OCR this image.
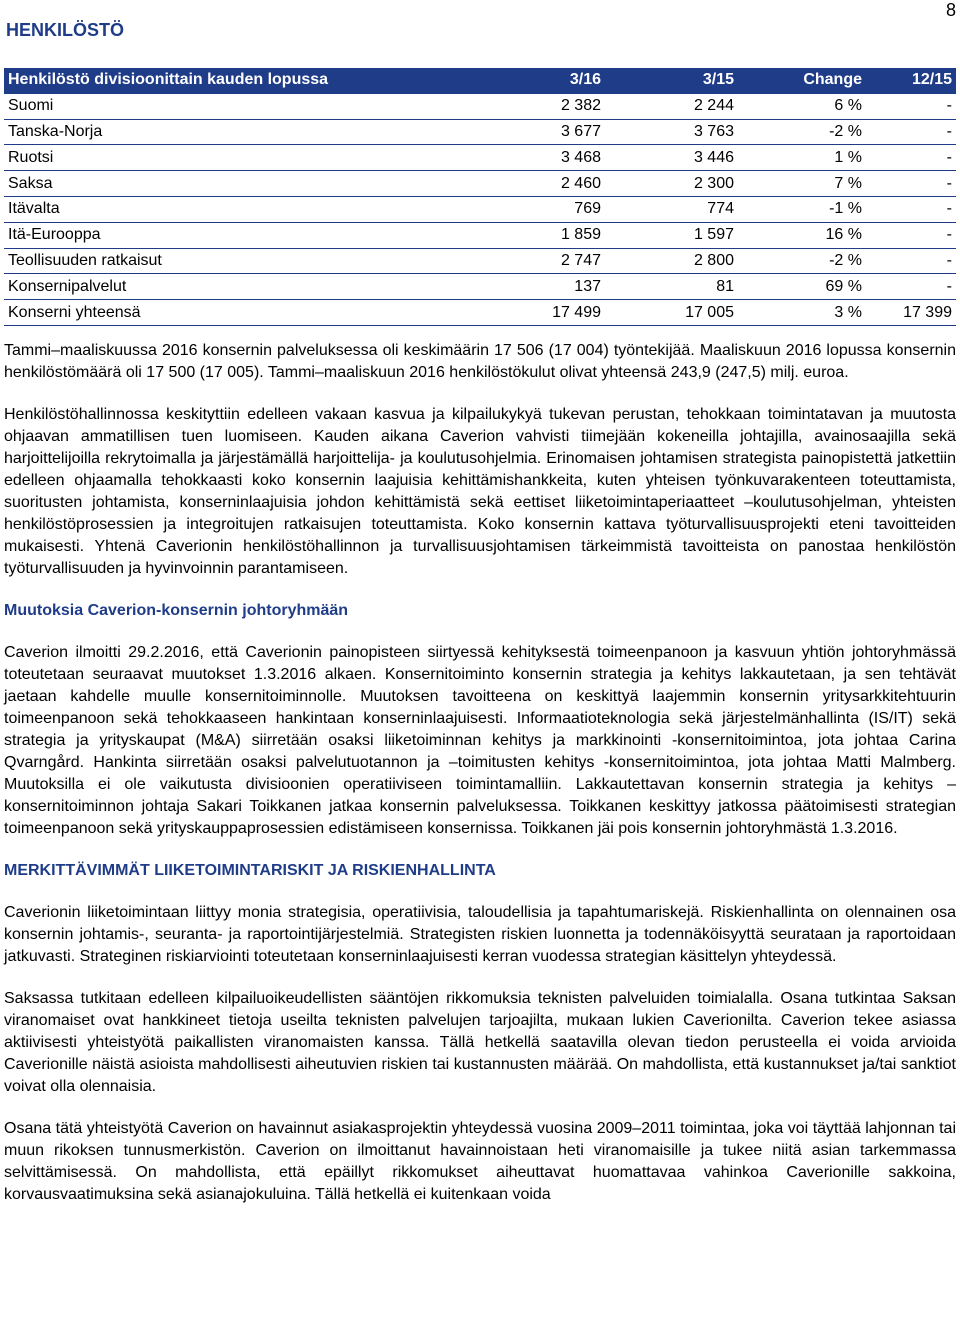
HENKILÖSTÖ
8
Henkilöstö divisioonittain kauden lopussa	3/16	3/15	Change	12/15
Suomi	2 382	2 244	6 %	-
Tanska-Norja	3 677	3 763	-2 %	-
Ruotsi	3 468	3 446	1 %	-
Saksa	2 460	2 300	7 %	-
Itävalta	769	774	-1 %	-
Itä-Eurooppa	1 859	1 597	16 %	-
Teollisuuden ratkaisut	2 747	2 800	-2 %	-
Konsernipalvelut	137	81	69 %	-
Konserni yhteensä	17 499	17 005	3 %	17 399

Tammi–maaliskuussa 2016 konsernin palveluksessa oli keskimäärin 17 506 (17 004) työntekijää. Maaliskuun 2016 lopussa konsernin henkilöstömäärä oli 17 500 (17 005). Tammi–maaliskuun 2016 henkilöstökulut olivat yhteensä 243,9 (247,5) milj. euroa.

Henkilöstöhallinnossa keskityttiin edelleen vakaan kasvua ja kilpailukykyä tukevan perustan, tehokkaan toimintatavan ja muutosta ohjaavan ammatillisen tuen luomiseen. Kauden aikana Caverion vahvisti tiimejään kokeneilla johtajilla, avainosaajilla sekä harjoittelijoilla rekrytoimalla ja järjestämällä harjoittelija- ja koulutusohjelmia. Erinomaisen johtamisen strategista painopistettä jatkettiin edelleen ohjaamalla tehokkaasti koko konsernin laajuisia kehittämishankkeita, kuten yhteisen työnkuvarakenteen toteuttamista, suoritusten johtamista, konserninlaajuisia johdon kehittämistä sekä eettiset liiketoimintaperiaatteet –koulutusohjelman, yhteisten henkilöstöprosessien ja integroitujen ratkaisujen toteuttamista. Koko konsernin kattava työturvallisuusprojekti eteni tavoitteiden mukaisesti. Yhtenä Caverionin henkilöstöhallinnon ja turvallisuusjohtamisen tärkeimmistä tavoitteista on panostaa henkilöstön työturvallisuuden ja hyvinvoinnin parantamiseen.

Muutoksia Caverion-konsernin johtoryhmään

Caverion ilmoitti 29.2.2016, että Caverionin painopisteen siirtyessä kehityksestä toimeenpanoon ja kasvuun yhtiön johtoryhmässä toteutetaan seuraavat muutokset 1.3.2016 alkaen. Konsernitoiminto konsernin strategia ja kehitys lakkautetaan, ja sen tehtävät jaetaan kahdelle muulle konsernitoiminnolle. Muutoksen tavoitteena on keskittyä laajemmin konsernin yritysarkkitehtuurin toimeenpanoon sekä tehokkaaseen hankintaan konserninlaajuisesti. Informaatioteknologia sekä järjestelmänhallinta (IS/IT) sekä strategia ja yrityskaupat (M&A) siirretään osaksi liiketoiminnan kehitys ja markkinointi -konsernitoimintoa, jota johtaa Carina Qvarngård. Hankinta siirretään osaksi palvelutuotannon ja –toimitusten kehitys -konsernitoimintoa, jota johtaa Matti Malmberg. Muutoksilla ei ole vaikutusta divisioonien operatiiviseen toimintamalliin. Lakkautettavan konsernin strategia ja kehitys –konsernitoiminnon johtaja Sakari Toikkanen jatkaa konsernin palveluksessa. Toikkanen keskittyy jatkossa päätoimisesti strategian toimeenpanoon sekä yrityskauppaprosessien edistämiseen konsernissa. Toikkanen jäi pois konsernin johtoryhmästä 1.3.2016.

MERKITTÄVIMMÄT LIIKETOIMINTARISKIT JA RISKIENHALLINTA

Caverionin liiketoimintaan liittyy monia strategisia, operatiivisia, taloudellisia ja tapahtumariskejä. Riskienhallinta on olennainen osa konsernin johtamis-, seuranta- ja raportointijärjestelmiä. Strategisten riskien luonnetta ja todennäköisyyttä seurataan ja raportoidaan jatkuvasti. Strateginen riskiarviointi toteutetaan konserninlaajuisesti kerran vuodessa strategian käsittelyn yhteydessä.

Saksassa tutkitaan edelleen kilpailuoikeudellisten sääntöjen rikkomuksia teknisten palveluiden toimialalla. Osana tutkintaa Saksan viranomaiset ovat hankkineet tietoja useilta teknisten palvelujen tarjoajilta, mukaan lukien Caverionilta. Caverion tekee asiassa aktiivisesti yhteistyötä paikallisten viranomaisten kanssa. Tällä hetkellä saatavilla olevan tiedon perusteella ei voida arvioida Caverionille näistä asioista mahdollisesti aiheutuvien riskien tai kustannusten määrää. On mahdollista, että kustannukset ja/tai sanktiot voivat olla olennaisia.

Osana tätä yhteistyötä Caverion on havainnut asiakasprojektin yhteydessä vuosina 2009–2011 toimintaa, joka voi täyttää lahjonnan tai muun rikoksen tunnusmerkistön. Caverion on ilmoittanut havainnoistaan heti viranomaisille ja tukee niitä asian tarkemmassa selvittämisessä. On mahdollista, että epäillyt rikkomukset aiheuttavat huomattavaa vahinkoa Caverionille sakkoina, korvausvaatimuksina sekä asianajokuluina. Tällä hetkellä ei kuitenkaan voida
